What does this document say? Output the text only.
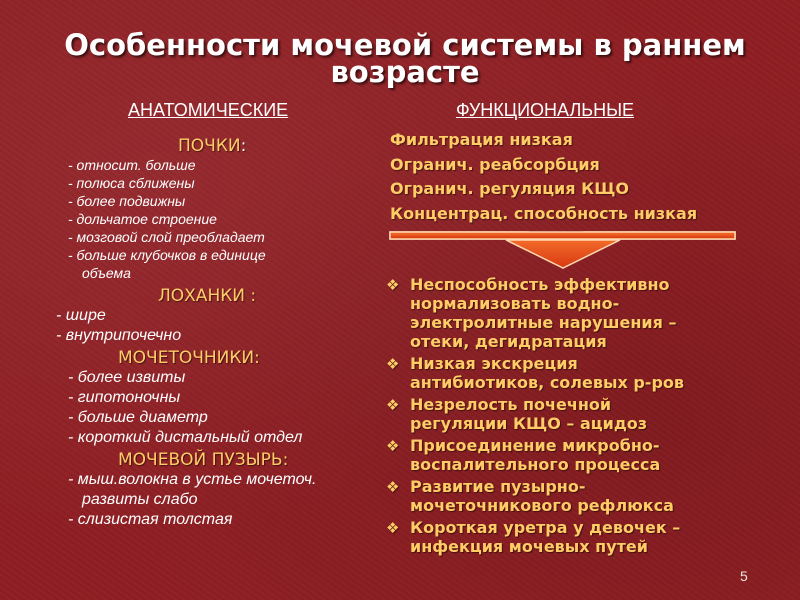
Особенности мочевой системы в раннем
возрасте
АНАТОМИЧЕСКИЕ	ФУНКЦИОНАЛЬНЫЕ
ПОЧКИ:
- относит. больше
- полюса сближены
- более подвижны
- дольчатое строение
- мозговой слой преобладает
- больше клубочков в единице
объема
ЛОХАНКИ :
- шире
- внутрипочечно
МОЧЕТОЧНИКИ:
- более извиты
- гипотоночны
- больше диаметр
- короткий дистальный отдел
МОЧЕВОЙ ПУЗЫРЬ:
- мыш.волокна в устье мочеточ.
развиты слабо
- слизистая толстая
Фильтрация низкая
Огранич. реабсорбция
Огранич. регуляция КЩО
Концентрац. способность низкая
❖ Неспособность эффективно
нормализовать водно-
электролитные нарушения –
отеки, дегидратация
❖ Низкая экскреция
антибиотиков, солевых р-ров
❖ Незрелость почечной
регуляции КЩО – ацидоз
❖ Присоединение микробно-
воспалительного процесса
❖ Развитие пузырно-
мочеточникового рефлюкса
❖ Короткая уретра у девочек –
инфекция мочевых путей
5
